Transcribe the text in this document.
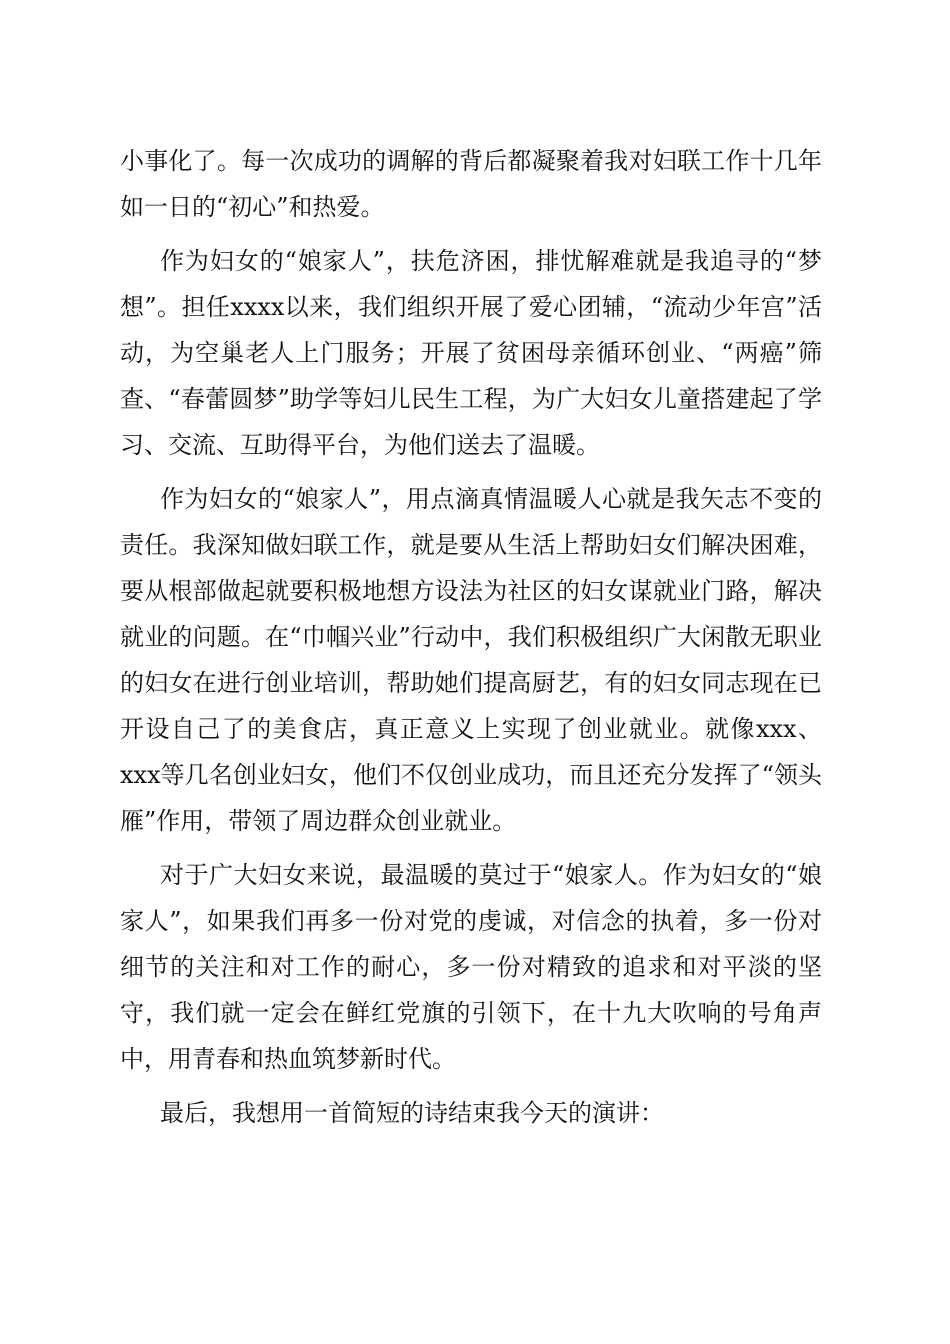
小事化了。每一次成功的调解的背后都凝聚着我对妇联工作十几年如一日的“初心”和热爱。

作为妇女的“娘家人”，扶危济困，排忧解难就是我追寻的“梦想”。担任xxxx以来，我们组织开展了爱心团辅，“流动少年宫”活动，为空巢老人上门服务；开展了贫困母亲循环创业、“两癌”筛查、“春蕾圆梦”助学等妇儿民生工程，为广大妇女儿童搭建起了学习、交流、互助得平台，为他们送去了温暖。

作为妇女的“娘家人”，用点滴真情温暖人心就是我矢志不变的责任。我深知做妇联工作，就是要从生活上帮助妇女们解决困难，要从根部做起就要积极地想方设法为社区的妇女谋就业门路，解决就业的问题。在“巾帼兴业”行动中，我们积极组织广大闲散无职业的妇女在进行创业培训，帮助她们提高厨艺，有的妇女同志现在已开设自己了的美食店，真正意义上实现了创业就业。就像xxx、xxx等几名创业妇女，他们不仅创业成功，而且还充分发挥了“领头雁”作用，带领了周边群众创业就业。

对于广大妇女来说，最温暖的莫过于“娘家人。作为妇女的“娘家人”，如果我们再多一份对党的虔诚，对信念的执着，多一份对细节的关注和对工作的耐心，多一份对精致的追求和对平淡的坚守，我们就一定会在鲜红党旗的引领下，在十九大吹响的号角声中，用青春和热血筑梦新时代。

最后，我想用一首简短的诗结束我今天的演讲：
